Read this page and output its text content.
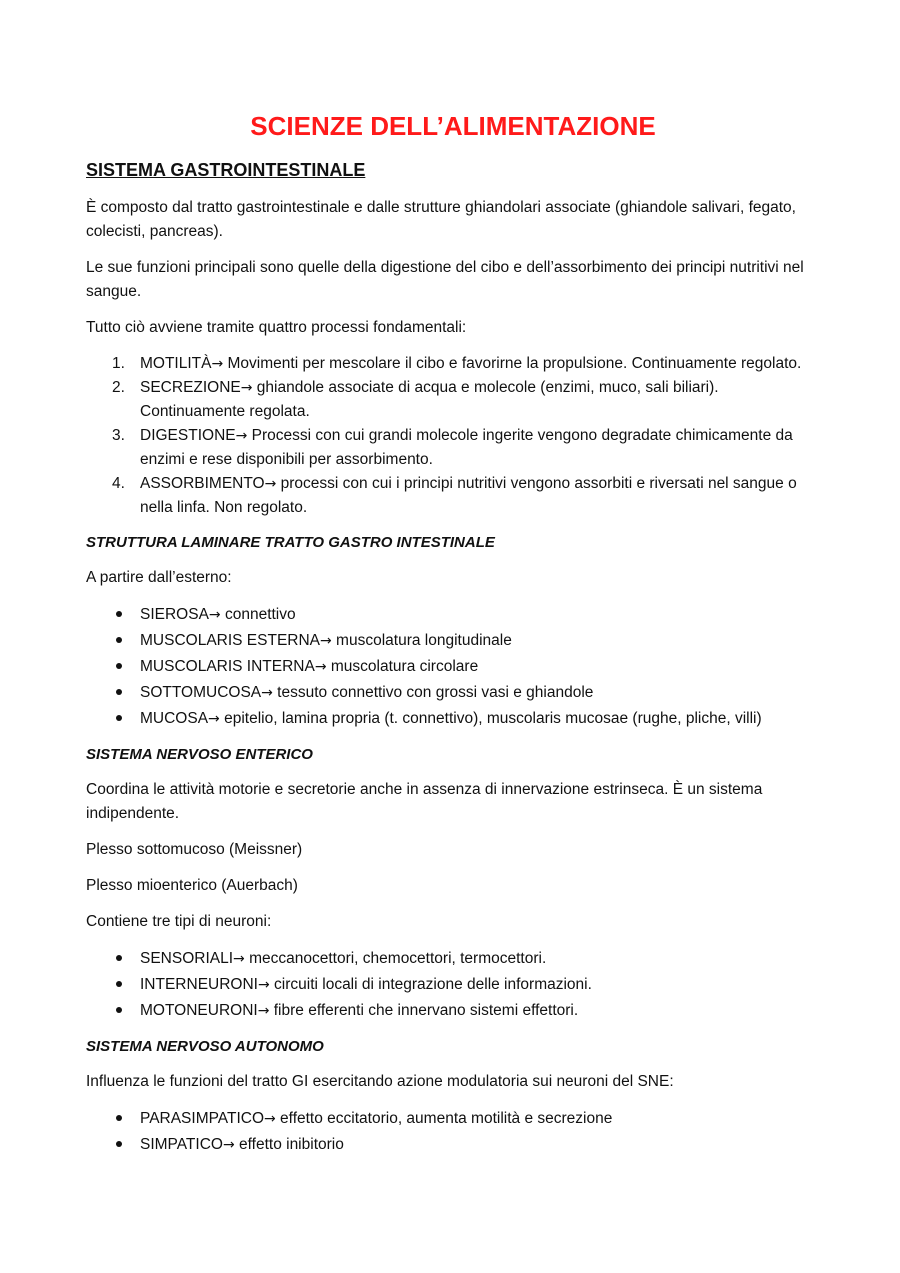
SCIENZE DELL’ALIMENTAZIONE
SISTEMA GASTROINTESTINALE

È composto dal tratto gastrointestinale e dalle strutture ghiandolari associate (ghiandole salivari, fegato, colecisti, pancreas).

Le sue funzioni principali sono quelle della digestione del cibo e dell’assorbimento dei principi nutritivi nel sangue.

Tutto ciò avviene tramite quattro processi fondamentali:

MOTILITÀ→ Movimenti per mescolare il cibo e favorirne la propulsione. Continuamente regolato.
SECREZIONE→ ghiandole associate di acqua e molecole (enzimi, muco, sali biliari). Continuamente regolata.
DIGESTIONE→ Processi con cui grandi molecole ingerite vengono degradate chimicamente da enzimi e rese disponibili per assorbimento.
ASSORBIMENTO→ processi con cui i principi nutritivi vengono assorbiti e riversati nel sangue o nella linfa. Non regolato.
STRUTTURA LAMINARE TRATTO GASTRO INTESTINALE

A partire dall’esterno:

SIEROSA→ connettivo
MUSCOLARIS ESTERNA→ muscolatura longitudinale
MUSCOLARIS INTERNA→ muscolatura circolare
SOTTOMUCOSA→ tessuto connettivo con grossi vasi e ghiandole
MUCOSA→ epitelio, lamina propria (t. connettivo), muscolaris mucosae (rughe, pliche, villi)
SISTEMA NERVOSO ENTERICO

Coordina le attività motorie e secretorie anche in assenza di innervazione estrinseca. È un sistema indipendente.

Plesso sottomucoso (Meissner)

Plesso mioenterico (Auerbach)

Contiene tre tipi di neuroni:

SENSORIALI→ meccanocettori, chemocettori, termocettori.
INTERNEURONI→ circuiti locali di integrazione delle informazioni.
MOTONEURONI→ fibre efferenti che innervano sistemi effettori.
SISTEMA NERVOSO AUTONOMO

Influenza le funzioni del tratto GI esercitando azione modulatoria sui neuroni del SNE:

PARASIMPATICO→ effetto eccitatorio, aumenta motilità e secrezione
SIMPATICO→ effetto inibitorio
